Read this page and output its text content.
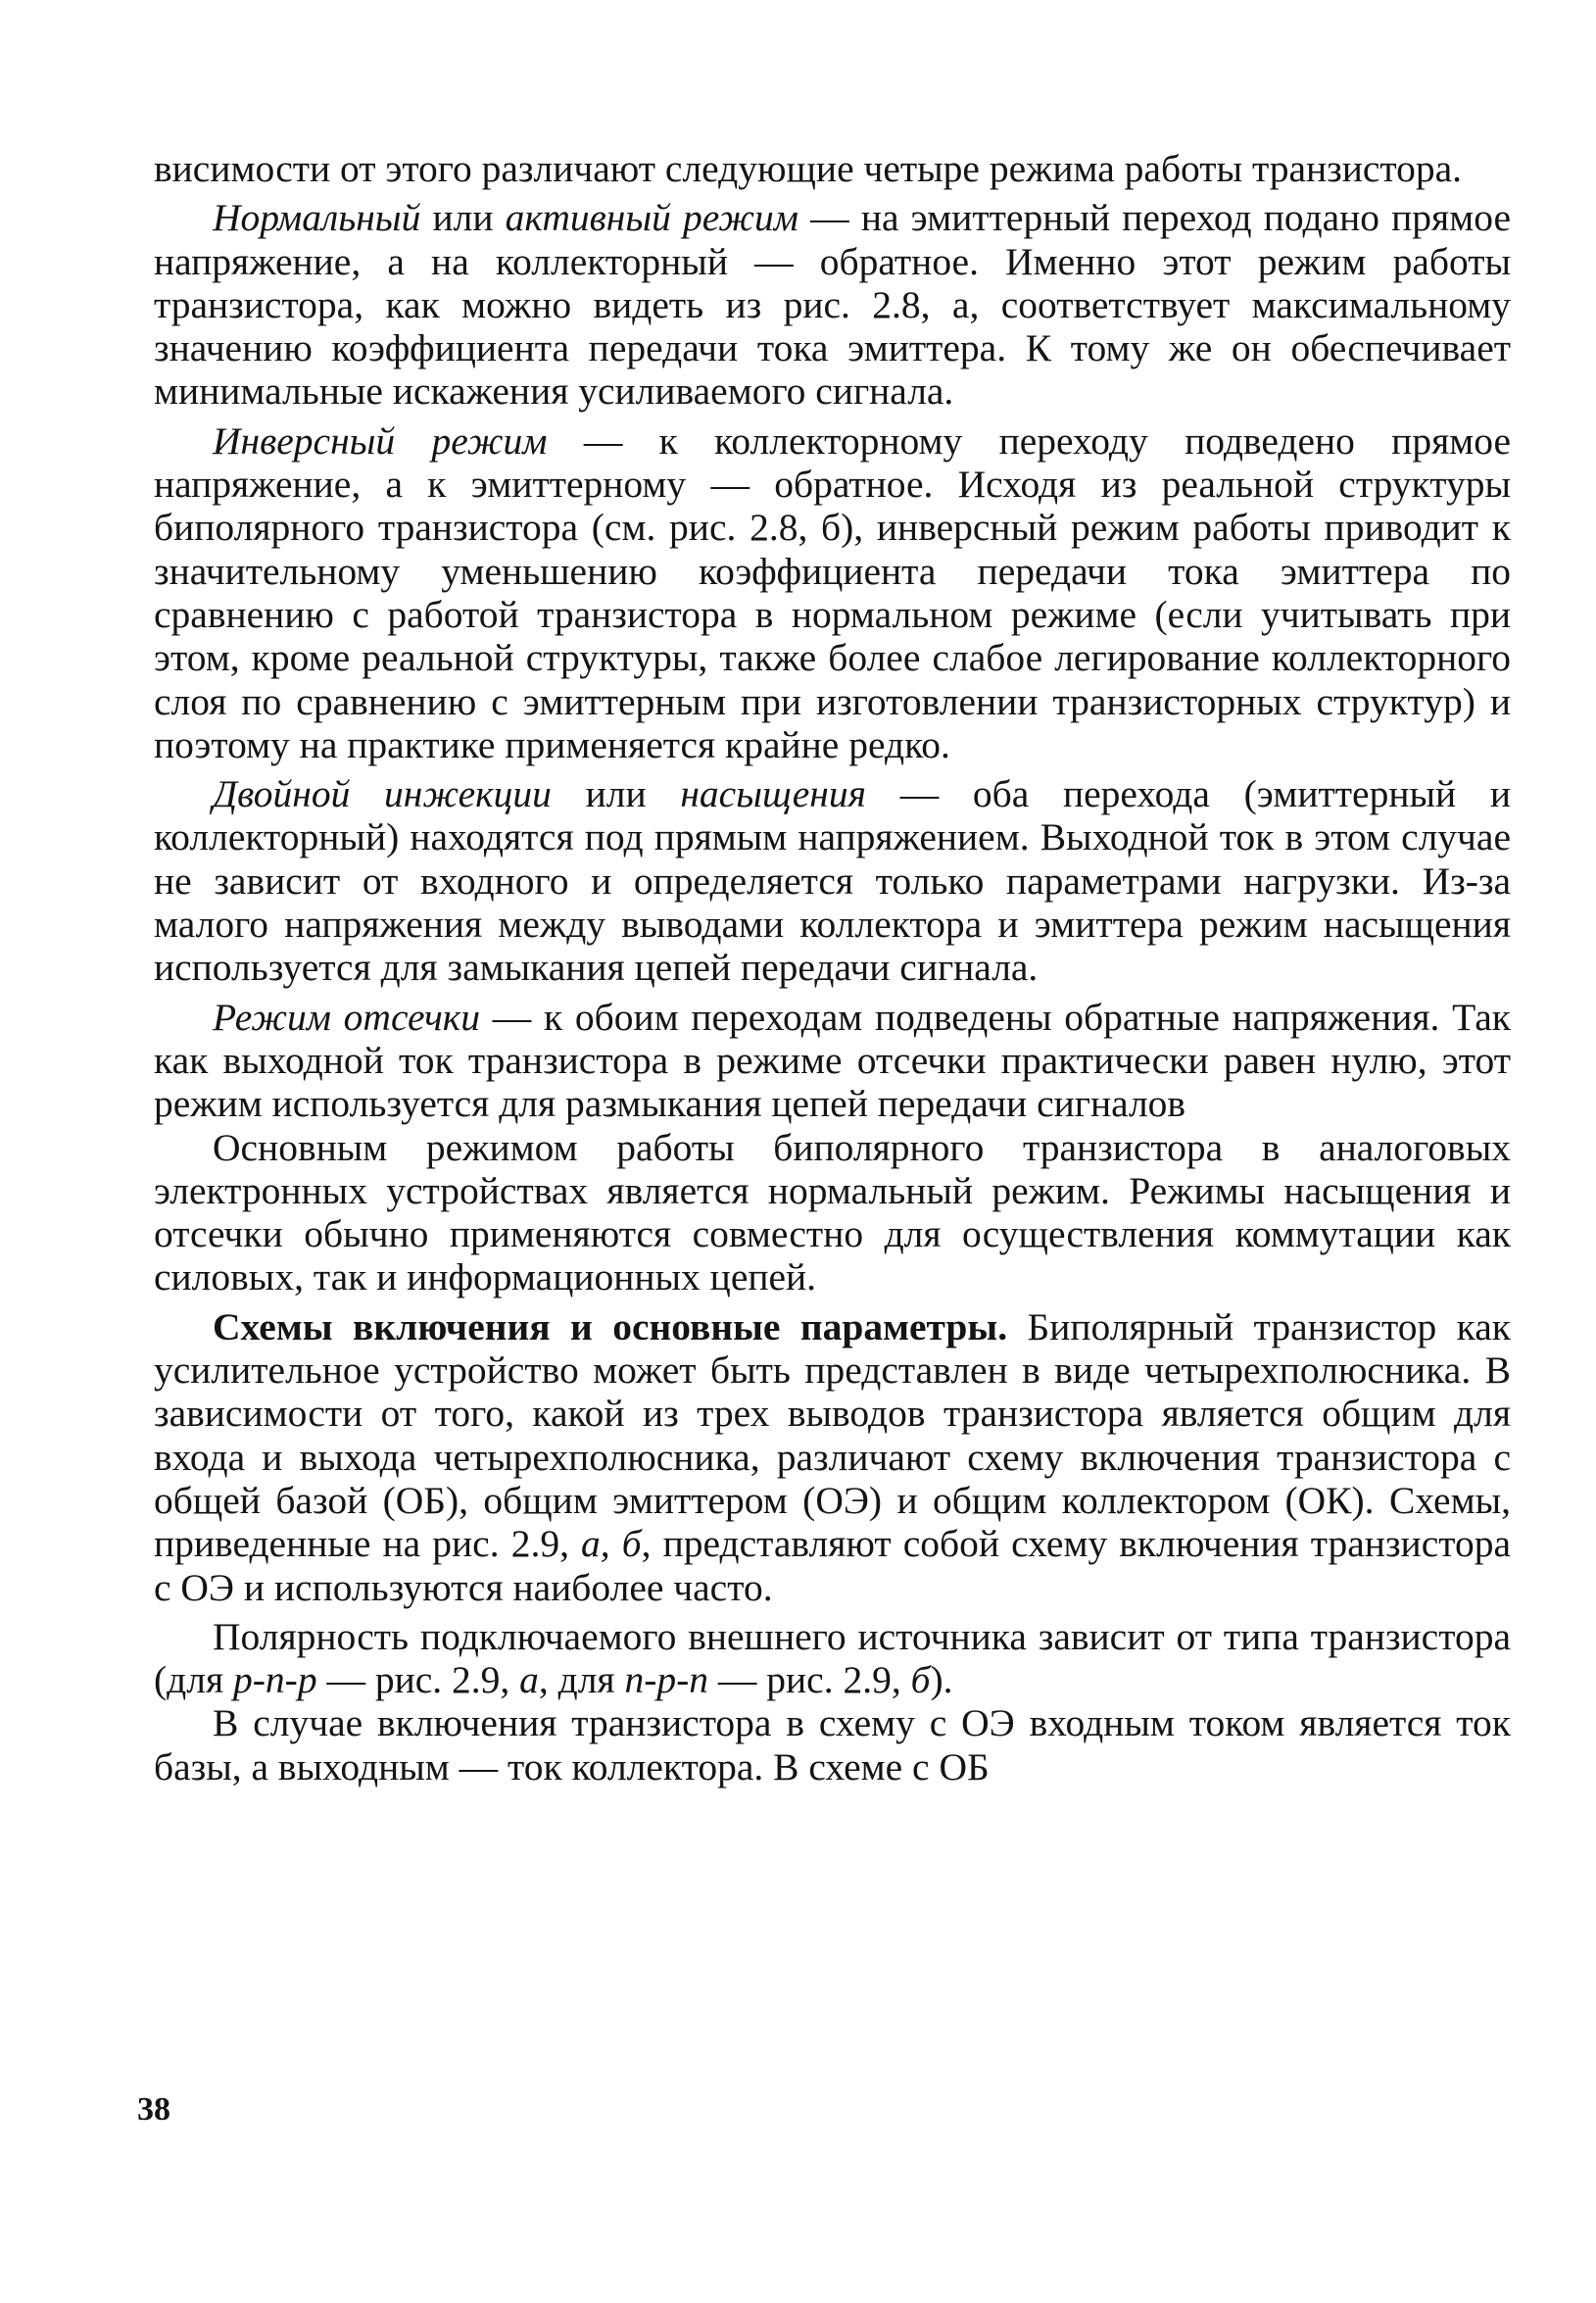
висимости от этого различают следующие четыре режима работы транзистора.

Нормальный или активный режим — на эмиттерный переход подано прямое напряжение, а на коллекторный — обратное. Именно этот режим работы транзистора, как можно видеть из рис. 2.8, а, соответствует максимальному значению коэффициента передачи тока эмиттера. К тому же он обеспечивает минимальные искажения усиливаемого сигнала.

Инверсный режим — к коллекторному переходу подведено прямое напряжение, а к эмиттерному — обратное. Исходя из реальной структуры биполярного транзистора (см. рис. 2.8, б), инверсный режим работы приводит к значительному уменьшению коэффициента передачи тока эмиттера по сравнению с работой транзистора в нормальном режиме (если учитывать при этом, кроме реальной структуры, также более слабое легирование коллекторного слоя по сравнению с эмиттерным при изготовлении транзисторных структур) и поэтому на практике применяется крайне редко.

Двойной инжекции или насыщения — оба перехода (эмиттерный и коллекторный) находятся под прямым напряжением. Выходной ток в этом случае не зависит от входного и определяется только параметрами нагрузки. Из-за малого напряжения между выводами коллектора и эмиттера режим насыщения используется для замыкания цепей передачи сигнала.

Режим отсечки — к обоим переходам подведены обратные напряжения. Так как выходной ток транзистора в режиме отсечки практически равен нулю, этот режим используется для размыкания цепей передачи сигналов

Основным режимом работы биполярного транзистора в аналоговых электронных устройствах является нормальный режим. Режимы насыщения и отсечки обычно применяются совместно для осуществления коммутации как силовых, так и информационных цепей.

Схемы включения и основные параметры. Биполярный транзистор как усилительное устройство может быть представлен в виде четырехполюсника. В зависимости от того, какой из трех выводов транзистора является общим для входа и выхода четырехполюсника, различают схему включения транзистора с общей базой (ОБ), общим эмиттером (ОЭ) и общим коллектором (ОК). Схемы, приведенные на рис. 2.9, а, б, представляют собой схему включения транзистора с ОЭ и используются наиболее часто.

Полярность подключаемого внешнего источника зависит от типа транзистора (для р-п-р — рис. 2.9, а, для п-р-п — рис. 2.9, б).

В случае включения транзистора в схему с ОЭ входным током является ток базы, а выходным — ток коллектора. В схеме с ОБ

38
